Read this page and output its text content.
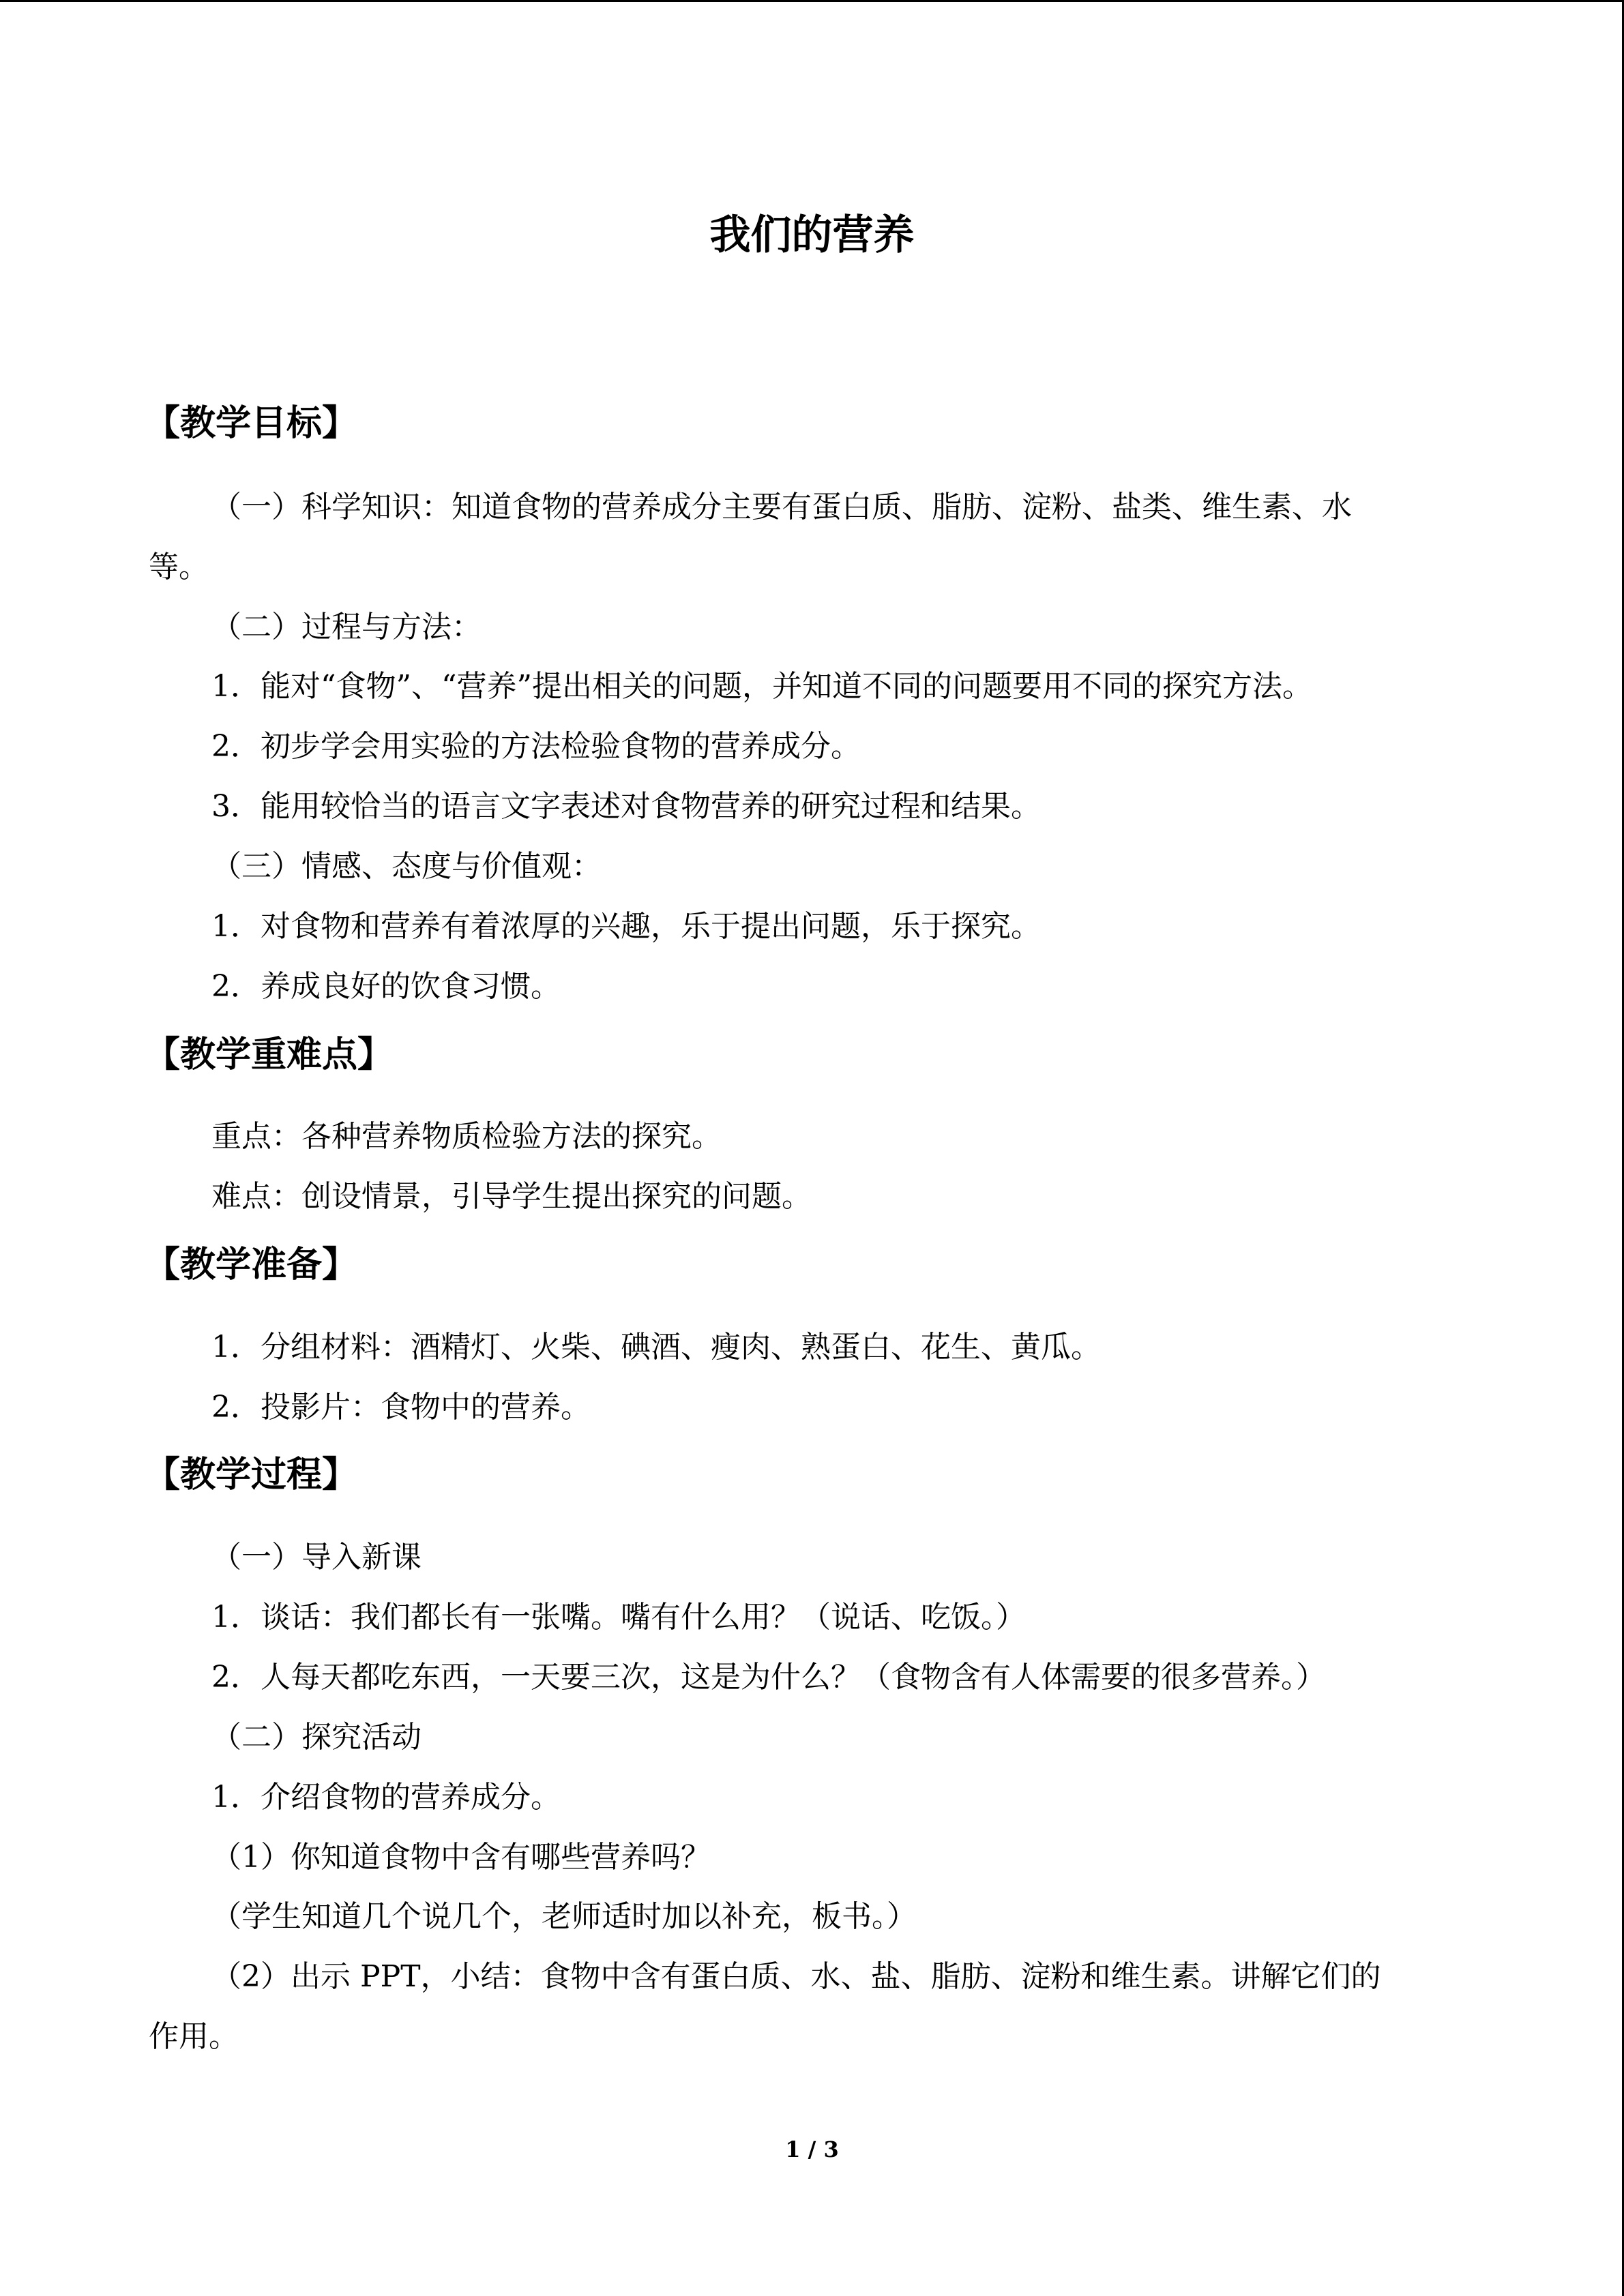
我们的营养
【教学目标】
（一）科学知识：知道食物的营养成分主要有蛋白质、脂肪、淀粉、盐类、维生素、水
等。
（二）过程与方法：
1．能对“食物”、“营养”提出相关的问题，并知道不同的问题要用不同的探究方法。
2．初步学会用实验的方法检验食物的营养成分。
3．能用较恰当的语言文字表述对食物营养的研究过程和结果。
（三）情感、态度与价值观：
1．对食物和营养有着浓厚的兴趣，乐于提出问题，乐于探究。
2．养成良好的饮食习惯。
【教学重难点】
重点：各种营养物质检验方法的探究。
难点：创设情景，引导学生提出探究的问题。
【教学准备】
1．分组材料：酒精灯、火柴、碘酒、瘦肉、熟蛋白、花生、黄瓜。
2．投影片：食物中的营养。
【教学过程】
（一）导入新课
1．谈话：我们都长有一张嘴。嘴有什么用？（说话、吃饭。）
2．人每天都吃东西，一天要三次，这是为什么？（食物含有人体需要的很多营养。）
（二）探究活动
1．介绍食物的营养成分。
（1）你知道食物中含有哪些营养吗？
（学生知道几个说几个，老师适时加以补充，板书。）
（2）出示 PPT，小结：食物中含有蛋白质、水、盐、脂肪、淀粉和维生素。讲解它们的
作用。
1 / 3
